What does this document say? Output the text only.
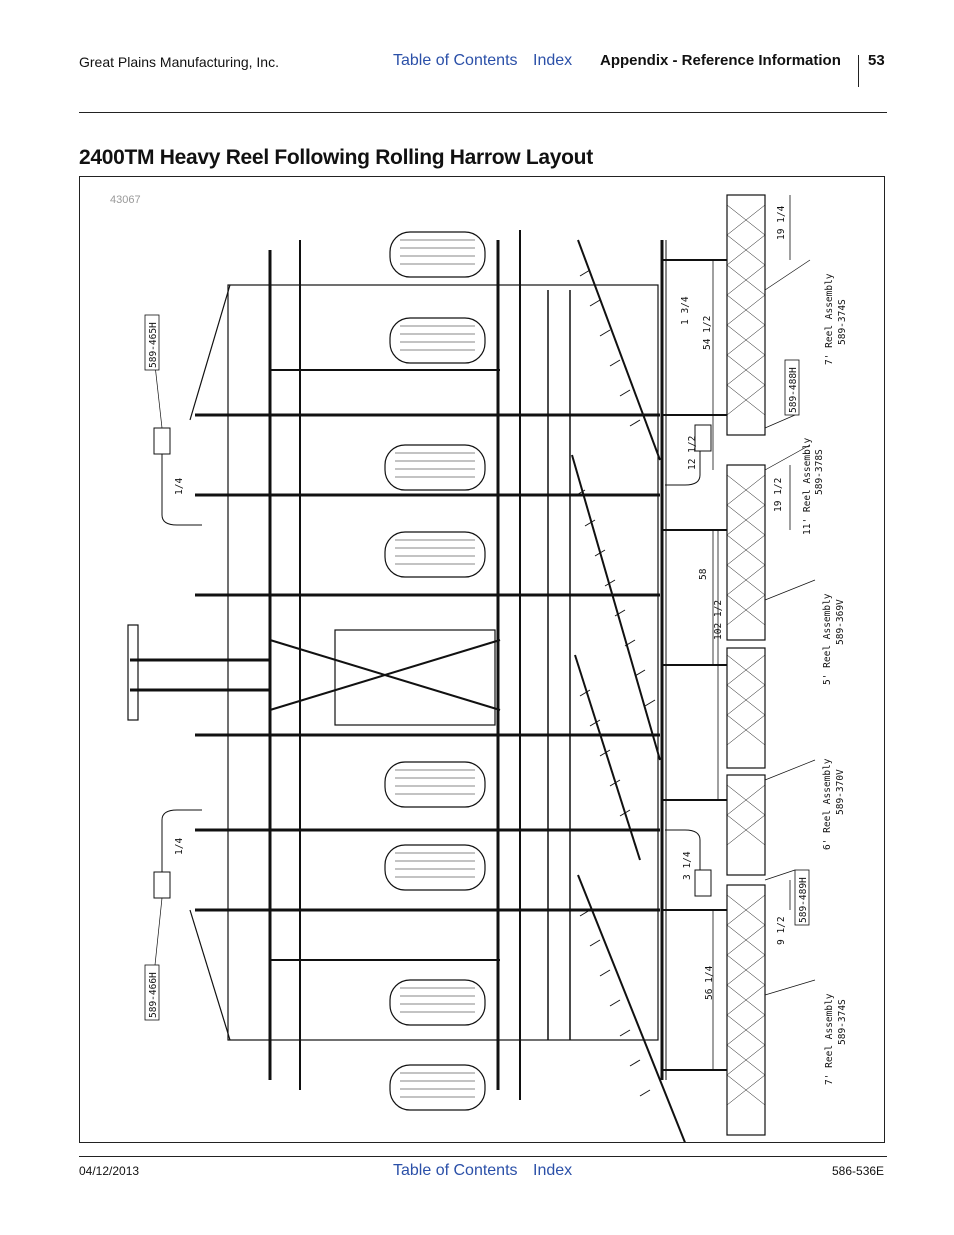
Great Plains Manufacturing, Inc.	Table of Contents Index Appendix - Reference Information 53
2400TM Heavy Reel Following Rolling Harrow Layout
43067
589-465H
589-466H
589-488H
589-489H
7' Reel Assembly 589-374S
11' Reel Assembly 589-378S
5' Reel Assembly 589-369V
6' Reel Assembly 589-370V
7' Reel Assembly 589-374S
19 1/4
1 3/4
54 1/2
12 1/2
19 1/2
58
102 1/2
3 1/4
9 1/2
56 1/4
1/4
1/4
04/12/2013	Table of Contents Index	586-536E
